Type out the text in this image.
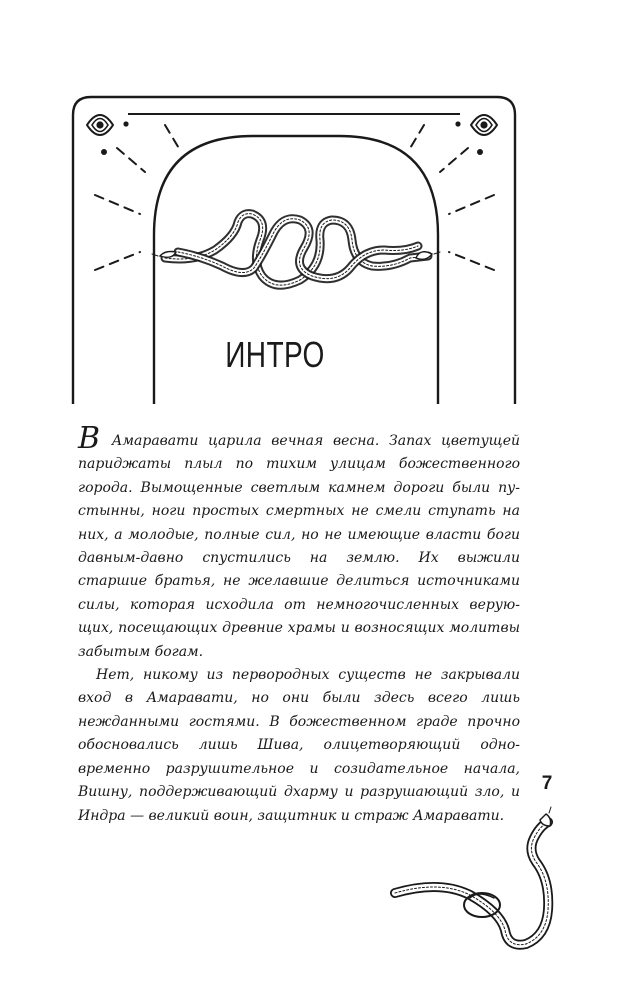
ИНТРО

В Амаравати царила вечная весна. Запах цветущей париджаты плыл по тихим улицам божественного города. Вымощенные светлым камнем дороги были пустынны, ноги простых смертных не смели ступать на них, а молодые, полные сил, но не имеющие власти боги давным-давно спустились на землю. Их выжили старшие братья, не желавшие делиться источниками силы, которая исходила от немногочисленных верующих, посещающих древние храмы и возносящих молитвы забытым богам.

Нет, никому из первородных существ не закрывали вход в Амаравати, но они были здесь всего лишь нежданными гостями. В божественном граде прочно обосновались лишь Шива, олицетворяющий одновременно разрушительное и созидательное начала, Вишну, поддерживающий дхарму и разрушающий зло, и Индра — великий воин, защитник и страж Амаравати.

7
